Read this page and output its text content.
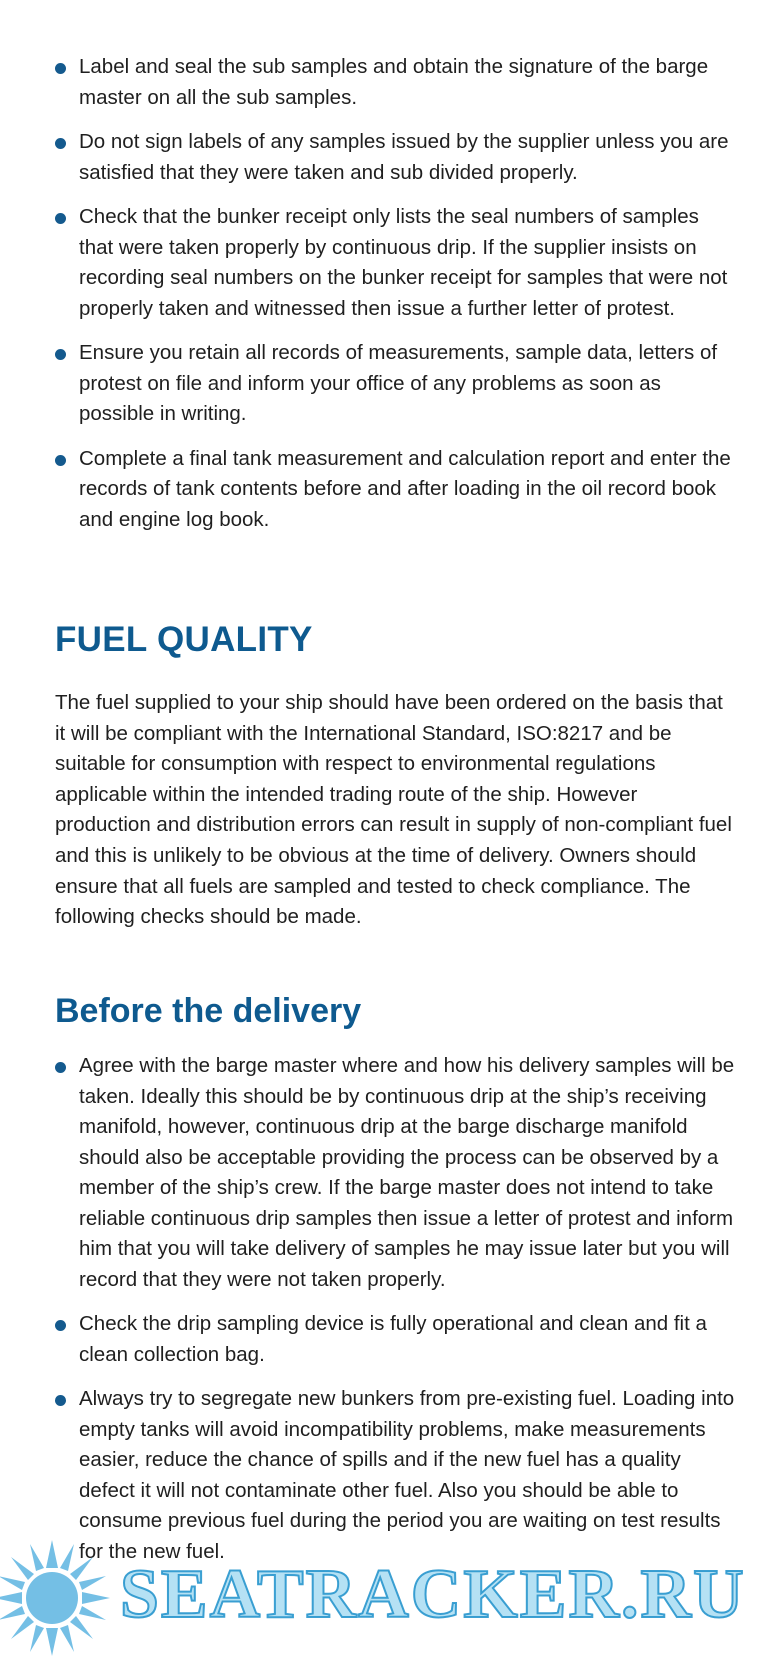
Label and seal the sub samples and obtain the signature of the barge master on all the sub samples.
Do not sign labels of any samples issued by the supplier unless you are satisfied that they were taken and sub divided properly.
Check that the bunker receipt only lists the seal numbers of samples that were taken properly by continuous drip. If the supplier insists on recording seal numbers on the bunker receipt for samples that were not properly taken and witnessed then issue a further letter of protest.
Ensure you retain all records of measurements, sample data, letters of protest on file and inform your office of any problems as soon as possible in writing.
Complete a final tank measurement and calculation report and enter the records of tank contents before and after loading in the oil record book and engine log book.
FUEL QUALITY

The fuel supplied to your ship should have been ordered on the basis that it will be compliant with the International Standard, ISO:8217 and be suitable for consumption with respect to environmental regulations applicable within the intended trading route of the ship. However production and distribution errors can result in supply of non-compliant fuel and this is unlikely to be obvious at the time of delivery. Owners should ensure that all fuels are sampled and tested to check compliance. The following checks should be made.

Before the delivery
Agree with the barge master where and how his delivery samples will be taken. Ideally this should be by continuous drip at the ship’s receiving manifold, however, continuous drip at the barge discharge manifold should also be acceptable providing the process can be observed by a member of the ship’s crew. If the barge master does not intend to take reliable continuous drip samples then issue a letter of protest and inform him that you will take delivery of samples he may issue later but you will record that they were not taken properly.
Check the drip sampling device is fully operational and clean and fit a clean collection bag.
Always try to segregate new bunkers from pre-existing fuel. Loading into empty tanks will avoid incompatibility problems, make measurements easier, reduce the chance of spills and if the new fuel has a quality defect it will not contaminate other fuel. Also you should be able to consume previous fuel during the period you are waiting on test results for the new fuel.
SEATRACKER.RU
